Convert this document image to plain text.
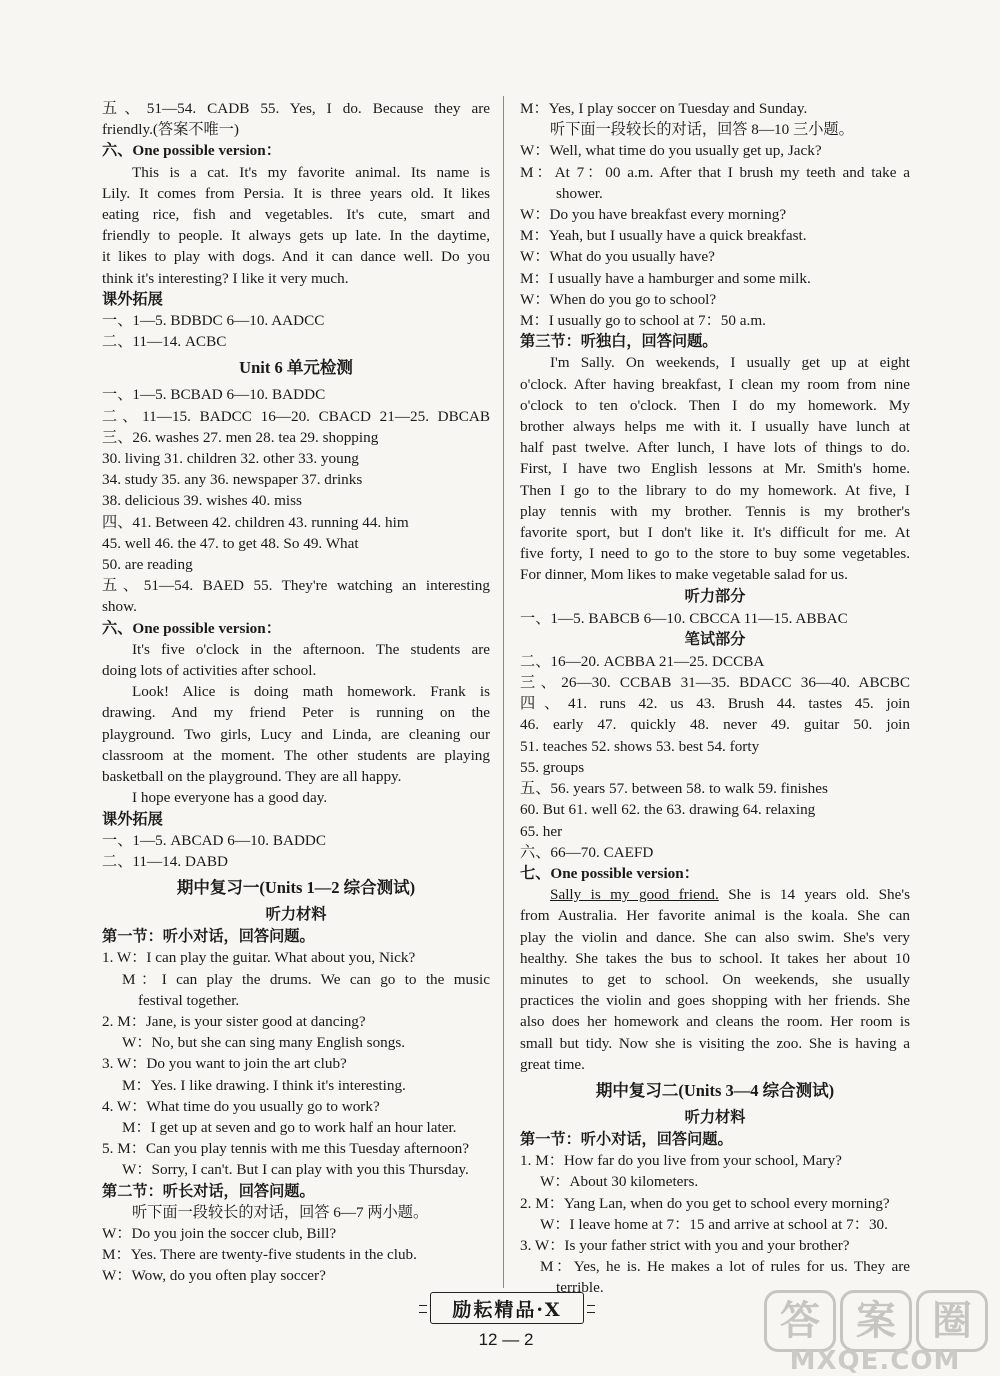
五、51—54. CADB 55. Yes, I do. Because they are
friendly.(答案不唯一)
六、One possible version：
This is a cat. It's my favorite animal. Its name is
Lily. It comes from Persia. It is three years old. It likes
eating rice, fish and vegetables. It's cute, smart and
friendly to people. It always gets up late. In the daytime,
it likes to play with dogs. And it can dance well. Do you
think it's interesting? I like it very much.
课外拓展
一、1—5. BDBDC 6—10. AADCC
二、11—14. ACBC
Unit 6 单元检测
一、1—5. BCBAD 6—10. BADDC
二、11—15. BADCC 16—20. CBACD 21—25. DBCAB
三、26. washes 27. men 28. tea 29. shopping
30. living 31. children 32. other 33. young
34. study 35. any 36. newspaper 37. drinks
38. delicious 39. wishes 40. miss
四、41. Between 42. children 43. running 44. him
45. well 46. the 47. to get 48. So 49. What
50. are reading
五、51—54. BAED 55. They're watching an interesting
show.
六、One possible version：
It's five o'clock in the afternoon. The students are
doing lots of activities after school.
Look! Alice is doing math homework. Frank is
drawing. And my friend Peter is running on the
playground. Two girls, Lucy and Linda, are cleaning our
classroom at the moment. The other students are playing
basketball on the playground. They are all happy.
I hope everyone has a good day.
课外拓展
一、1—5. ABCAD 6—10. BADDC
二、11—14. DABD
期中复习一(Units 1—2 综合测试)
听力材料
第一节：听小对话，回答问题。
1. W：I can play the guitar. What about you, Nick?
M：I can play the drums. We can go to the music
festival together.
2. M：Jane, is your sister good at dancing?
W：No, but she can sing many English songs.
3. W：Do you want to join the art club?
M：Yes. I like drawing. I think it's interesting.
4. W：What time do you usually go to work?
M：I get up at seven and go to work half an hour later.
5. M：Can you play tennis with me this Tuesday afternoon?
W：Sorry, I can't. But I can play with you this Thursday.
第二节：听长对话，回答问题。
听下面一段较长的对话，回答 6—7 两小题。
W：Do you join the soccer club, Bill?
M：Yes. There are twenty-five students in the club.
W：Wow, do you often play soccer?
M：Yes, I play soccer on Tuesday and Sunday.
听下面一段较长的对话，回答 8—10 三小题。
W：Well, what time do you usually get up, Jack?
M：At 7：00 a.m. After that I brush my teeth and take a
shower.
W：Do you have breakfast every morning?
M：Yeah, but I usually have a quick breakfast.
W：What do you usually have?
M：I usually have a hamburger and some milk.
W：When do you go to school?
M：I usually go to school at 7：50 a.m.
第三节：听独白，回答问题。
I'm Sally. On weekends, I usually get up at eight
o'clock. After having breakfast, I clean my room from nine
o'clock to ten o'clock. Then I do my homework. My
brother always helps me with it. I usually have lunch at
half past twelve. After lunch, I have lots of things to do.
First, I have two English lessons at Mr. Smith's home.
Then I go to the library to do my homework. At five, I
play tennis with my brother. Tennis is my brother's
favorite sport, but I don't like it. It's difficult for me. At
five forty, I need to go to the store to buy some vegetables.
For dinner, Mom likes to make vegetable salad for us.
听力部分
一、1—5. BABCB 6—10. CBCCA 11—15. ABBAC
笔试部分
二、16—20. ACBBA 21—25. DCCBA
三、26—30. CCBAB 31—35. BDACC 36—40. ABCBC
四、41. runs 42. us 43. Brush 44. tastes 45. join
46. early 47. quickly 48. never 49. guitar 50. join
51. teaches 52. shows 53. best 54. forty
55. groups
五、56. years 57. between 58. to walk 59. finishes
60. But 61. well 62. the 63. drawing 64. relaxing
65. her
六、66—70. CAEFD
七、One possible version：
Sally is my good friend. She is 14 years old. She's
from Australia. Her favorite animal is the koala. She can
play the violin and dance. She can also swim. She's very
healthy. She takes the bus to school. It takes her about 10
minutes to get to school. On weekends, she usually
practices the violin and goes shopping with her friends. She
also does her homework and cleans the room. Her room is
small but tidy. Now she is visiting the zoo. She is having a
great time.
期中复习二(Units 3—4 综合测试)
听力材料
第一节：听小对话，回答问题。
1. M：How far do you live from your school, Mary?
W：About 30 kilometers.
2. M：Yang Lan, when do you get to school every morning?
W：I leave home at 7：15 and arrive at school at 7：30.
3. W：Is your father strict with you and your brother?
M：Yes, he is. He makes a lot of rules for us. They are
terrible.
励耘精品·X
12 — 2	答 案 圈
MXQE.COM
